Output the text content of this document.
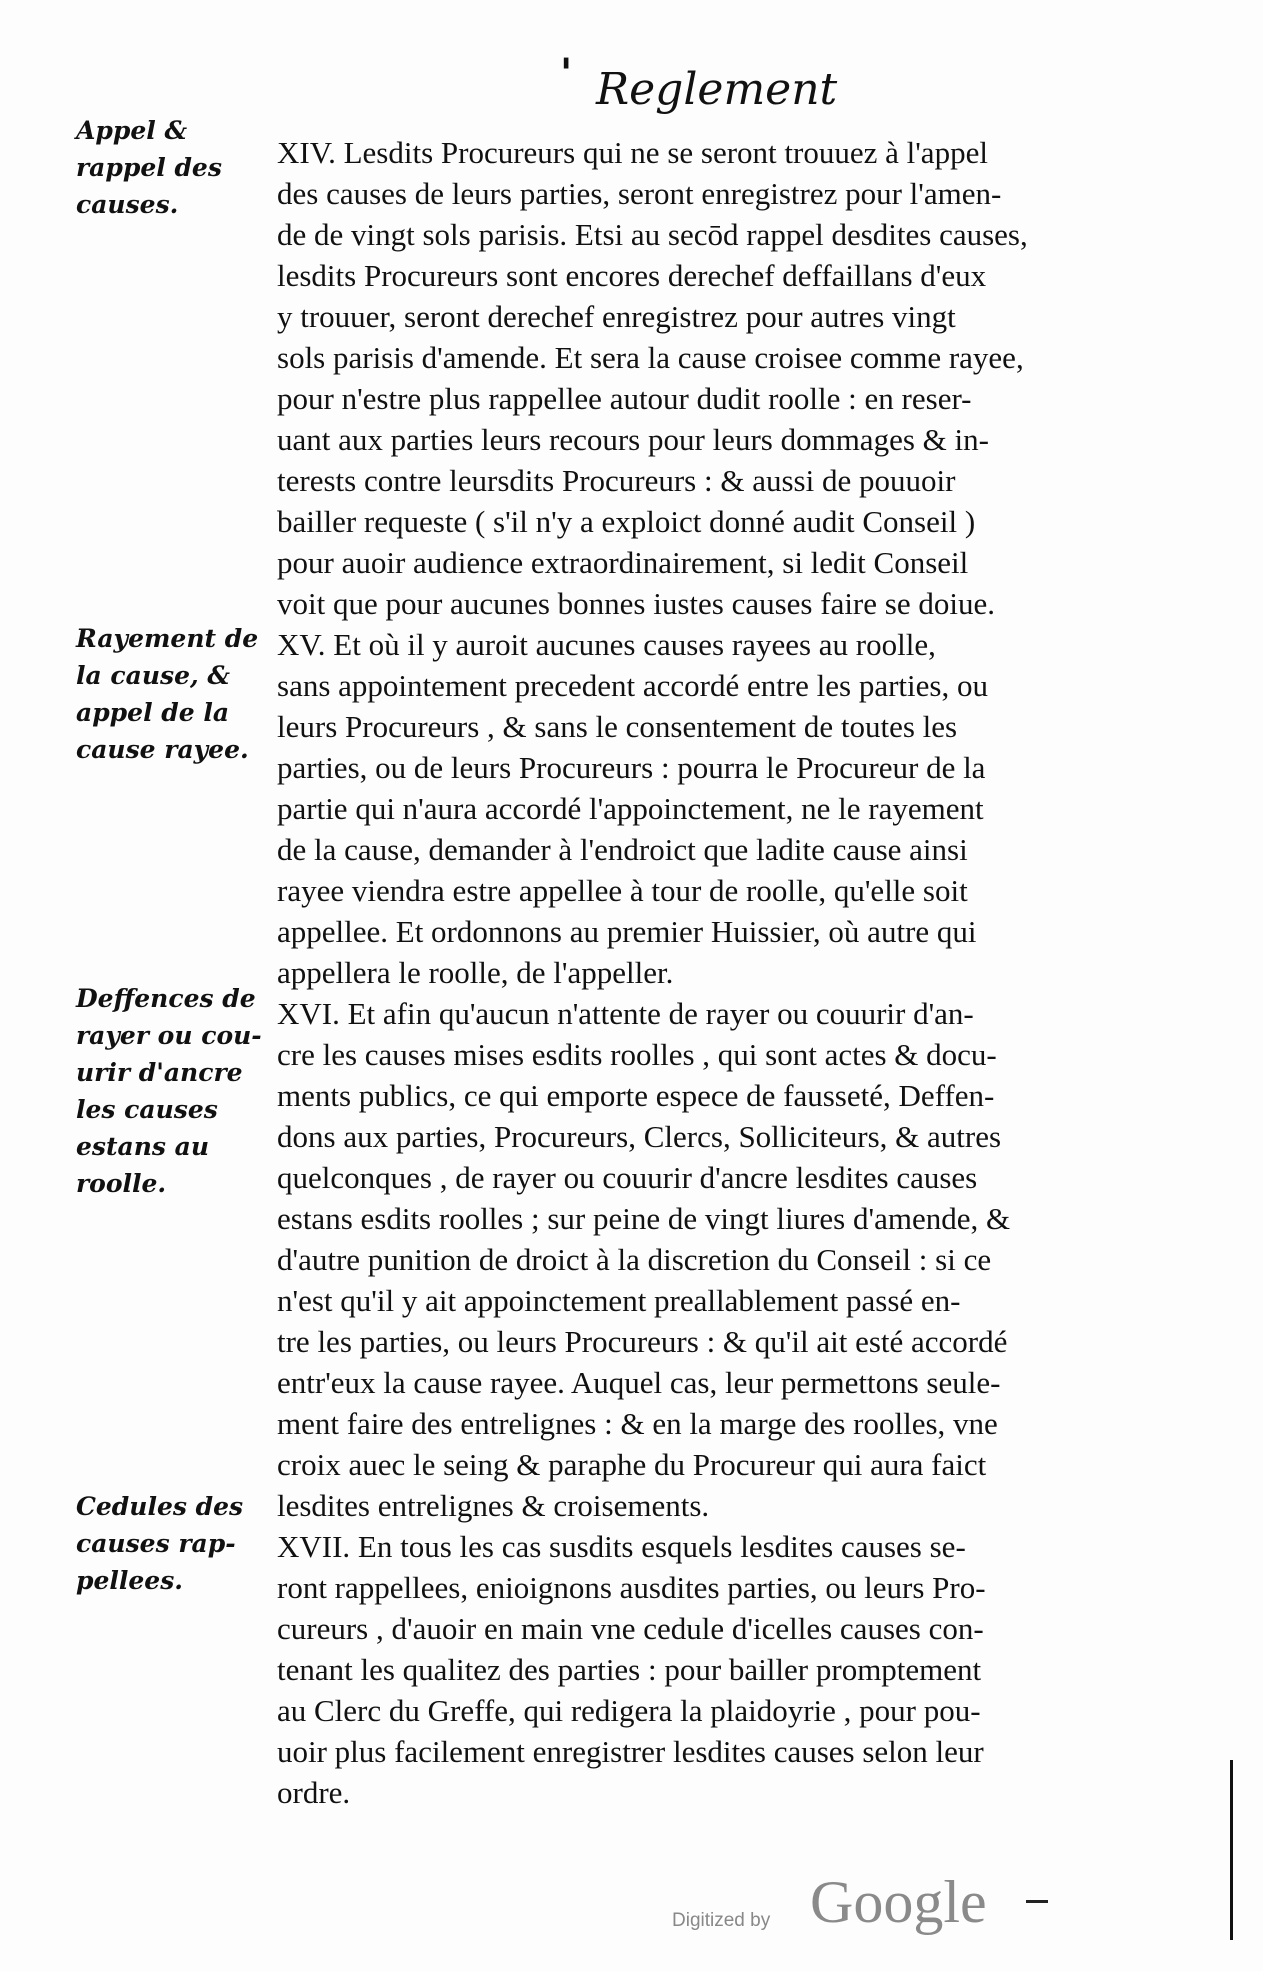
' Reglement
Appel &
rappel des
causes.
Rayement de
la cause, &
appel de la
cause rayee.
Deffences de
rayer ou cou-
urir d'ancre
les causes
estans au
roolle.
Cedules des
causes rap-
pellees.
XIV. Lesdits Procureurs qui ne se seront trouuez à l'appel
des causes de leurs parties, seront enregistrez pour l'amen-
de de vingt sols parisis. Etsi au secōd rappel desdites causes,
lesdits Procureurs sont encores derechef deffaillans d'eux
y trouuer, seront derechef enregistrez pour autres vingt
sols parisis d'amende. Et sera la cause croisee comme rayee,
pour n'estre plus rappellee autour dudit roolle : en reser-
uant aux parties leurs recours pour leurs dommages & in-
terests contre leursdits Procureurs : & aussi de pouuoir
bailler requeste ( s'il n'y a exploict donné audit Conseil )
pour auoir audience extraordinairement, si ledit Conseil
voit que pour aucunes bonnes iustes causes faire se doiue.
XV. Et où il y auroit aucunes causes rayees au roolle,
sans appointement precedent accordé entre les parties, ou
leurs Procureurs , & sans le consentement de toutes les
parties, ou de leurs Procureurs : pourra le Procureur de la
partie qui n'aura accordé l'appoinctement, ne le rayement
de la cause, demander à l'endroict que ladite cause ainsi
rayee viendra estre appellee à tour de roolle, qu'elle soit
appellee. Et ordonnons au premier Huissier, où autre qui
appellera le roolle, de l'appeller.
XVI. Et afin qu'aucun n'attente de rayer ou couurir d'an-
cre les causes mises esdits roolles , qui sont actes & docu-
ments publics, ce qui emporte espece de fausseté, Deffen-
dons aux parties, Procureurs, Clercs, Solliciteurs, & autres
quelconques , de rayer ou couurir d'ancre lesdites causes
estans esdits roolles ; sur peine de vingt liures d'amende, &
d'autre punition de droict à la discretion du Conseil : si ce
n'est qu'il y ait appoinctement preallablement passé en-
tre les parties, ou leurs Procureurs : & qu'il ait esté accordé
entr'eux la cause rayee. Auquel cas, leur permettons seule-
ment faire des entrelignes : & en la marge des roolles, vne
croix auec le seing & paraphe du Procureur qui aura faict
lesdites entrelignes & croisements.
XVII. En tous les cas susdits esquels lesdites causes se-
ront rappellees, enioignons ausdites parties, ou leurs Pro-
cureurs , d'auoir en main vne cedule d'icelles causes con-
tenant les qualitez des parties : pour bailler promptement
au Clerc du Greffe, qui redigera la plaidoyrie , pour pou-
uoir plus facilement enregistrer lesdites causes selon leur
ordre.
Digitized by Google
